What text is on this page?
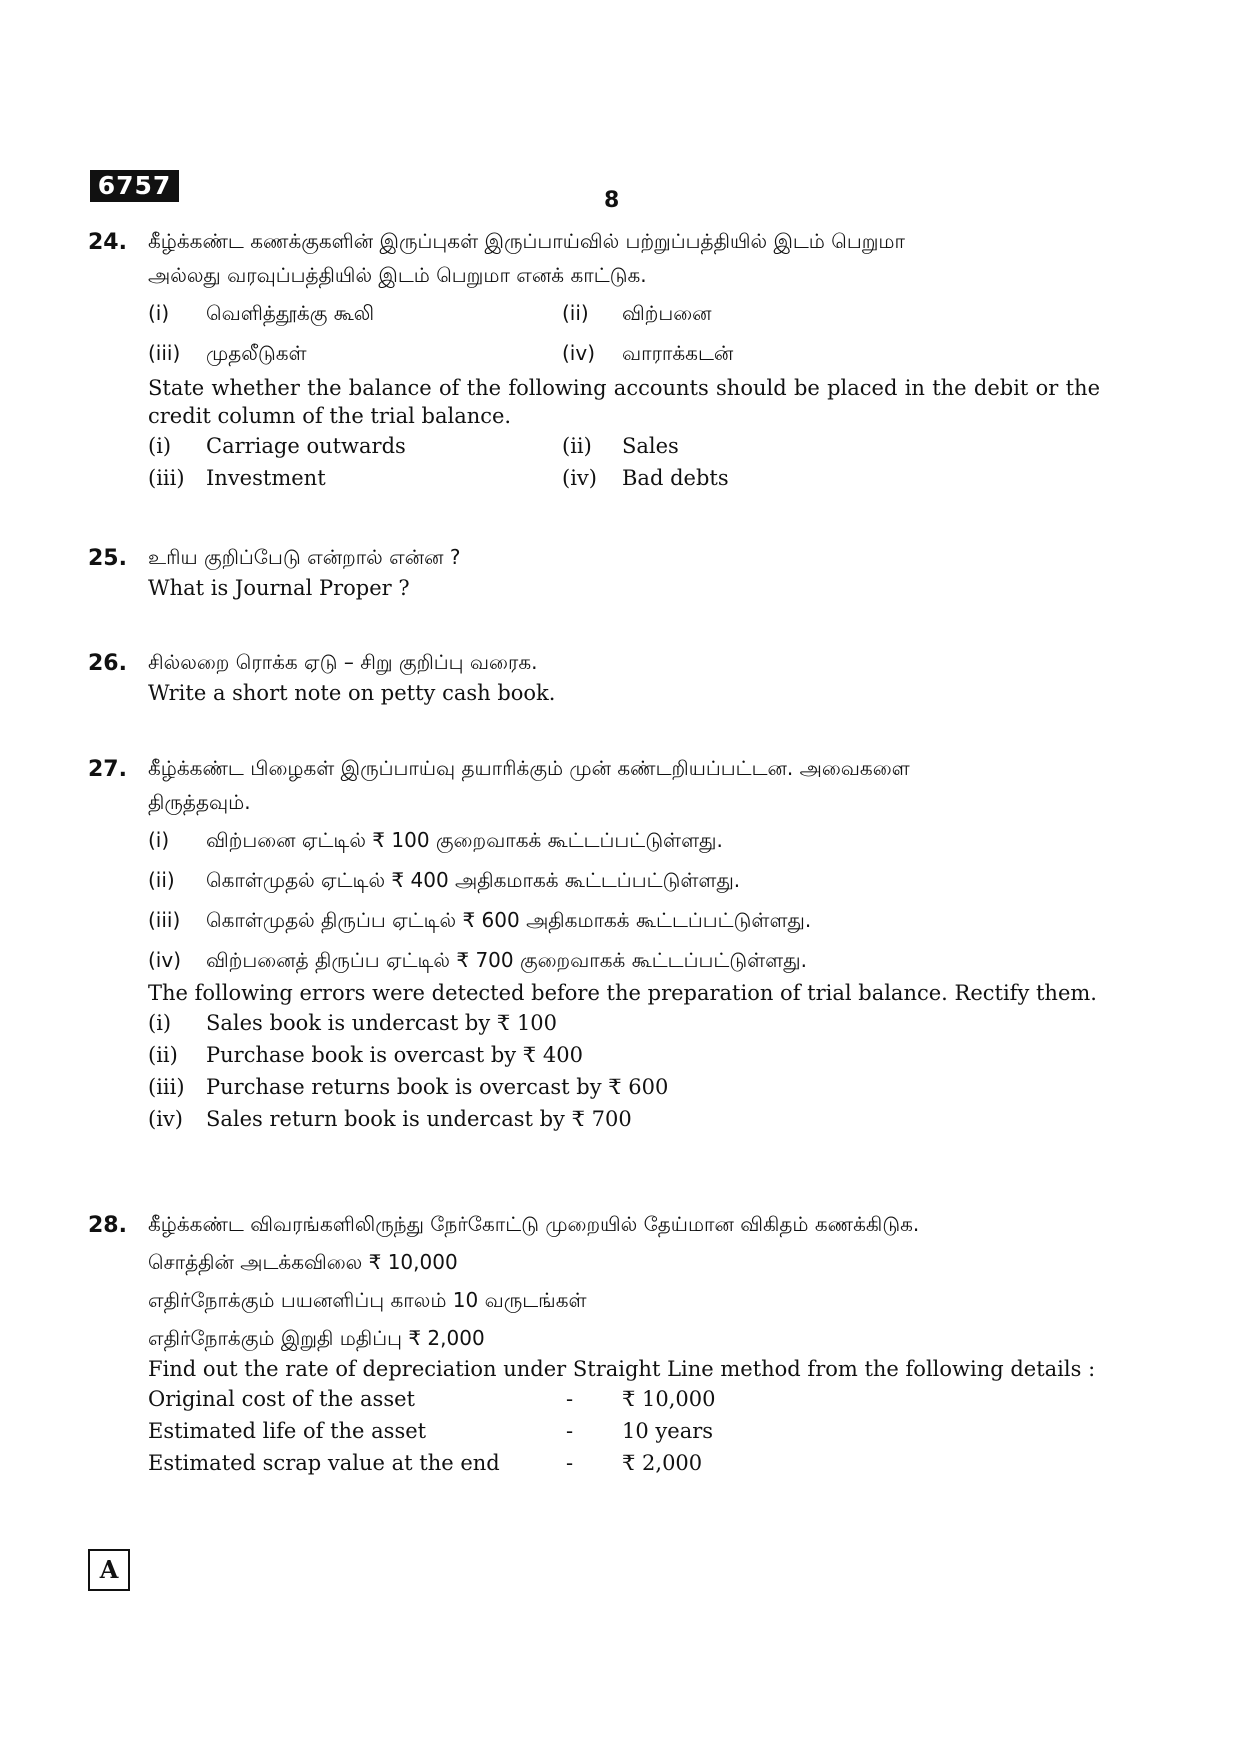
6757
8
24. கீழ்க்கண்ட கணக்குகளின் இருப்புகள் இருப்பாய்வில் பற்றுப்பத்தியில் இடம் பெறுமா
அல்லது வரவுப்பத்தியில் இடம் பெறுமா எனக் காட்டுக.
(i) வெளித்தூக்கு கூலி	(ii) விற்பனை
(iii) முதலீடுகள்	(iv) வாராக்கடன்
State whether the balance of the following accounts should be placed in the debit or the credit column of the trial balance.
(i) Carriage outwards	(ii) Sales
(iii) Investment	(iv) Bad debts
25. உரிய குறிப்பேடு என்றால் என்ன ?
What is Journal Proper ?
26. சில்லறை ரொக்க ஏடு – சிறு குறிப்பு வரைக.
Write a short note on petty cash book.
27. கீழ்க்கண்ட பிழைகள் இருப்பாய்வு தயாரிக்கும் முன் கண்டறியப்பட்டன. அவைகளை
திருத்தவும்.
(i) விற்பனை ஏட்டில் ₹ 100 குறைவாகக் கூட்டப்பட்டுள்ளது.
(ii) கொள்முதல் ஏட்டில் ₹ 400 அதிகமாகக் கூட்டப்பட்டுள்ளது.
(iii) கொள்முதல் திருப்ப ஏட்டில் ₹ 600 அதிகமாகக் கூட்டப்பட்டுள்ளது.
(iv) விற்பனைத் திருப்ப ஏட்டில் ₹ 700 குறைவாகக் கூட்டப்பட்டுள்ளது.
The following errors were detected before the preparation of trial balance. Rectify them.
(i) Sales book is undercast by ₹ 100
(ii) Purchase book is overcast by ₹ 400
(iii) Purchase returns book is overcast by ₹ 600
(iv) Sales return book is undercast by ₹ 700
28. கீழ்க்கண்ட விவரங்களிலிருந்து நேர்கோட்டு முறையில் தேய்மான விகிதம் கணக்கிடுக.
சொத்தின் அடக்கவிலை ₹ 10,000
எதிர்நோக்கும் பயனளிப்பு காலம் 10 வருடங்கள்
எதிர்நோக்கும் இறுதி மதிப்பு ₹ 2,000
Find out the rate of depreciation under Straight Line method from the following details :
Original cost of the asset	- ₹ 10,000
Estimated life of the asset	- 10 years
Estimated scrap value at the end	- ₹ 2,000
A
